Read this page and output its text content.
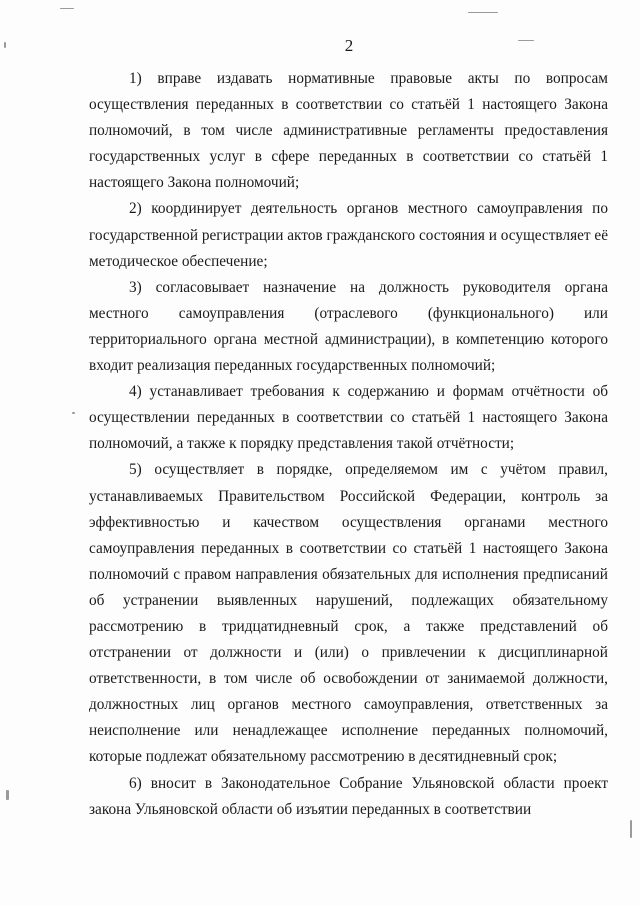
2

1) вправе издавать нормативные правовые акты по вопросам осуществления переданных в соответствии со статьёй 1 настоящего Закона полномочий, в том числе административные регламенты предоставления государственных услуг в сфере переданных в соответствии со статьёй 1 настоящего Закона полномочий;

2) координирует деятельность органов местного самоуправления по государственной регистрации актов гражданского состояния и осуществляет её методическое обеспечение;

3) согласовывает назначение на должность руководителя органа местного самоуправления (отраслевого (функционального) или территориального органа местной администрации), в компетенцию которого входит реализация переданных государственных полномочий;

4) устанавливает требования к содержанию и формам отчётности об осуществлении переданных в соответствии со статьёй 1 настоящего Закона полномочий, а также к порядку представления такой отчётности;

5) осуществляет в порядке, определяемом им с учётом правил, устанавливаемых Правительством Российской Федерации, контроль за эффективностью и качеством осуществления органами местного самоуправления переданных в соответствии со статьёй 1 настоящего Закона полномочий с правом направления обязательных для исполнения предписаний об устранении выявленных нарушений, подлежащих обязательному рассмотрению в тридцатидневный срок, а также представлений об отстранении от должности и (или) о привлечении к дисциплинарной ответственности, в том числе об освобождении от занимаемой должности, должностных лиц органов местного самоуправления, ответственных за неисполнение или ненадлежащее исполнение переданных полномочий, которые подлежат обязательному рассмотрению в десятидневный срок;

6) вносит в Законодательное Собрание Ульяновской области проект закона Ульяновской области об изъятии переданных в соответствии
